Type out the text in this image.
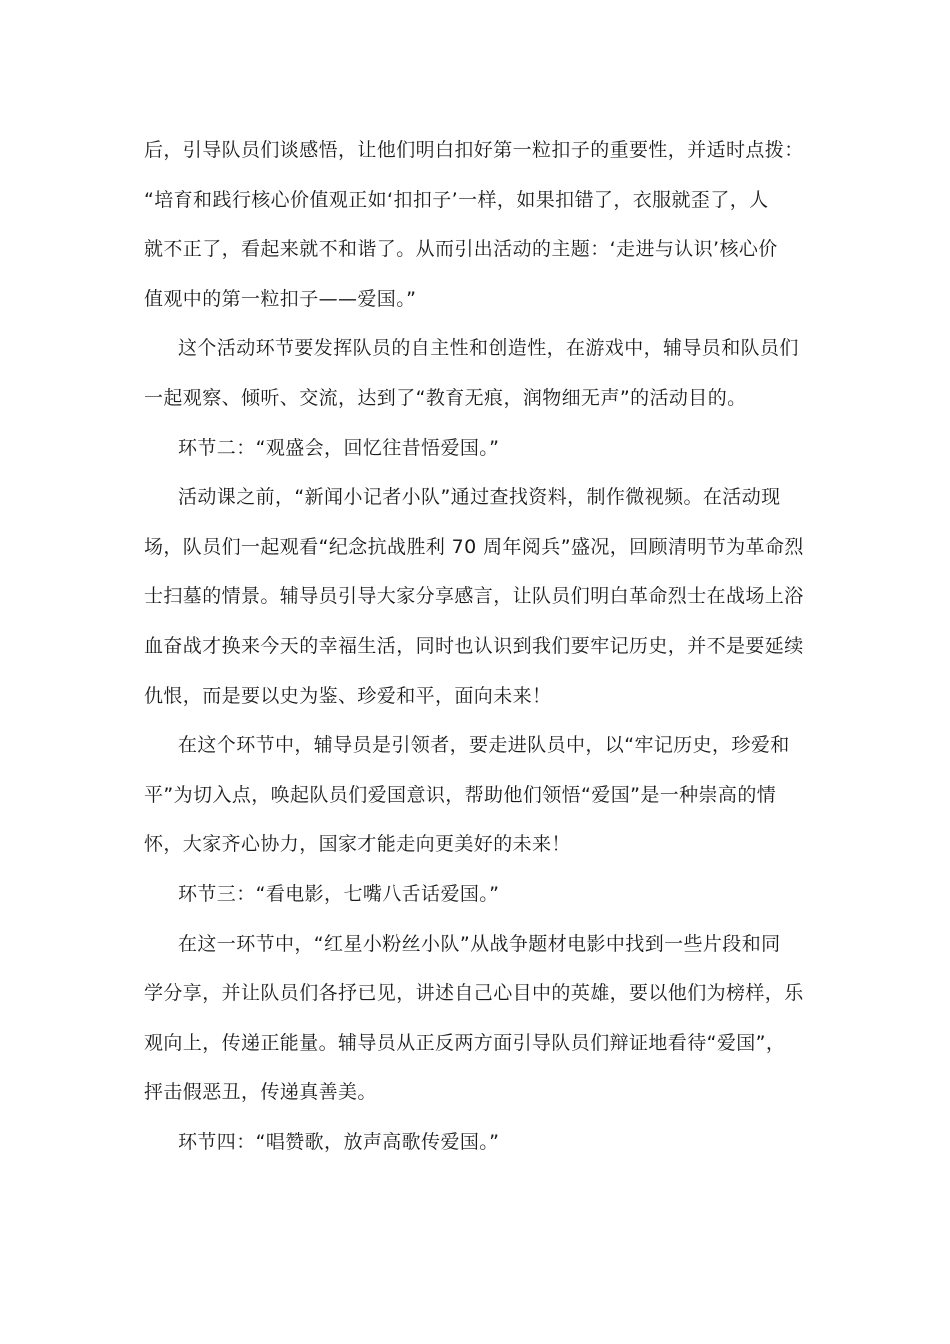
后，引导队员们谈感悟，让他们明白扣好第一粒扣子的重要性，并适时点拨：
“培育和践行核心价值观正如‘扣扣子’一样，如果扣错了，衣服就歪了，人
就不正了，看起来就不和谐了。从而引出活动的主题：‘走进与认识’核心价
值观中的第一粒扣子——爱国。”
这个活动环节要发挥队员的自主性和创造性，在游戏中，辅导员和队员们
一起观察、倾听、交流，达到了“教育无痕，润物细无声”的活动目的。
环节二：“观盛会，回忆往昔悟爱国。”
活动课之前，“新闻小记者小队”通过查找资料，制作微视频。在活动现
场，队员们一起观看“纪念抗战胜利 70 周年阅兵”盛况，回顾清明节为革命烈
士扫墓的情景。辅导员引导大家分享感言，让队员们明白革命烈士在战场上浴
血奋战才换来今天的幸福生活，同时也认识到我们要牢记历史，并不是要延续
仇恨，而是要以史为鉴、珍爱和平，面向未来！
在这个环节中，辅导员是引领者，要走进队员中，以“牢记历史，珍爱和
平”为切入点，唤起队员们爱国意识，帮助他们领悟“爱国”是一种崇高的情
怀，大家齐心协力，国家才能走向更美好的未来！
环节三：“看电影，七嘴八舌话爱国。”
在这一环节中，“红星小粉丝小队”从战争题材电影中找到一些片段和同
学分享，并让队员们各抒已见，讲述自己心目中的英雄，要以他们为榜样，乐
观向上，传递正能量。辅导员从正反两方面引导队员们辩证地看待“爱国”，
抨击假恶丑，传递真善美。
环节四：“唱赞歌，放声高歌传爱国。”
